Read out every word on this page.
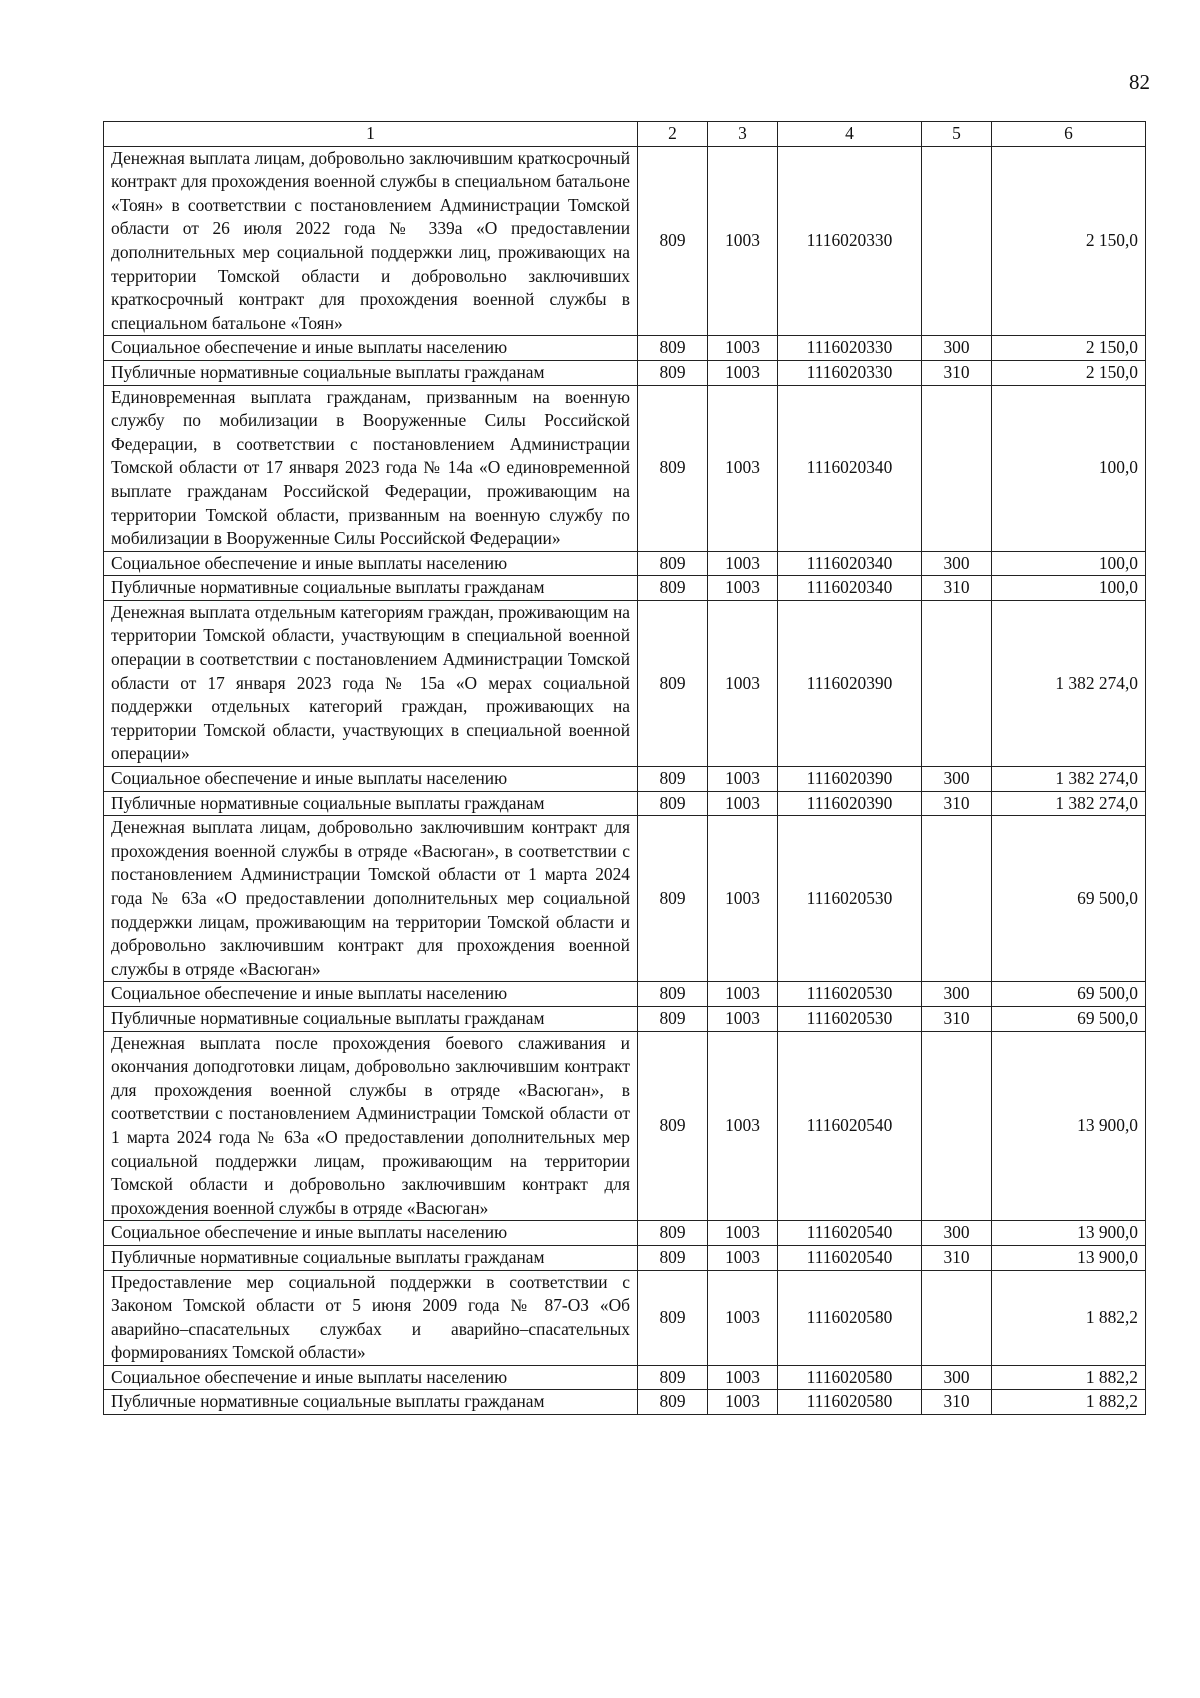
82
1	2	3	4	5	6
Денежная выплата лицам, добровольно заключившим краткосрочный контракт для прохождения военной службы в специальном батальоне «Тоян» в соответствии с постановлением Администрации Томской области от 26 июля 2022 года № 339а «О предоставлении дополнительных мер социальной поддержки лиц, проживающих на территории Томской области и добровольно заключивших краткосрочный контракт для прохождения военной службы в специальном батальоне «Тоян»	809	1003	1116020330		2 150,0
Социальное обеспечение и иные выплаты населению	809	1003	1116020330	300	2 150,0
Публичные нормативные социальные выплаты гражданам	809	1003	1116020330	310	2 150,0
Единовременная выплата гражданам, призванным на военную службу по мобилизации в Вооруженные Силы Российской Федерации, в соответствии с постановлением Администрации Томской области от 17 января 2023 года № 14а «О единовременной выплате гражданам Российской Федерации, проживающим на территории Томской области, призванным на военную службу по мобилизации в Вооруженные Силы Российской Федерации»	809	1003	1116020340		100,0
Социальное обеспечение и иные выплаты населению	809	1003	1116020340	300	100,0
Публичные нормативные социальные выплаты гражданам	809	1003	1116020340	310	100,0
Денежная выплата отдельным категориям граждан, проживающим на территории Томской области, участвующим в специальной военной операции в соответствии с постановлением Администрации Томской области от 17 января 2023 года № 15а «О мерах социальной поддержки отдельных категорий граждан, проживающих на территории Томской области, участвующих в специальной военной операции»	809	1003	1116020390		1 382 274,0
Социальное обеспечение и иные выплаты населению	809	1003	1116020390	300	1 382 274,0
Публичные нормативные социальные выплаты гражданам	809	1003	1116020390	310	1 382 274,0
Денежная выплата лицам, добровольно заключившим контракт для прохождения военной службы в отряде «Васюган», в соответствии с постановлением Администрации Томской области от 1 марта 2024 года № 63а «О предоставлении дополнительных мер социальной поддержки лицам, проживающим на территории Томской области и добровольно заключившим контракт для прохождения военной службы в отряде «Васюган»	809	1003	1116020530		69 500,0
Социальное обеспечение и иные выплаты населению	809	1003	1116020530	300	69 500,0
Публичные нормативные социальные выплаты гражданам	809	1003	1116020530	310	69 500,0
Денежная выплата после прохождения боевого слаживания и окончания доподготовки лицам, добровольно заключившим контракт для прохождения военной службы в отряде «Васюган», в соответствии с постановлением Администрации Томской области от 1 марта 2024 года № 63а «О предоставлении дополнительных мер социальной поддержки лицам, проживающим на территории Томской области и добровольно заключившим контракт для прохождения военной службы в отряде «Васюган»	809	1003	1116020540		13 900,0
Социальное обеспечение и иные выплаты населению	809	1003	1116020540	300	13 900,0
Публичные нормативные социальные выплаты гражданам	809	1003	1116020540	310	13 900,0
Предоставление мер социальной поддержки в соответствии с Законом Томской области от 5 июня 2009 года № 87-ОЗ «Об аварийно–спасательных службах и аварийно–спасательных формированиях Томской области»	809	1003	1116020580		1 882,2
Социальное обеспечение и иные выплаты населению	809	1003	1116020580	300	1 882,2
Публичные нормативные социальные выплаты гражданам	809	1003	1116020580	310	1 882,2
